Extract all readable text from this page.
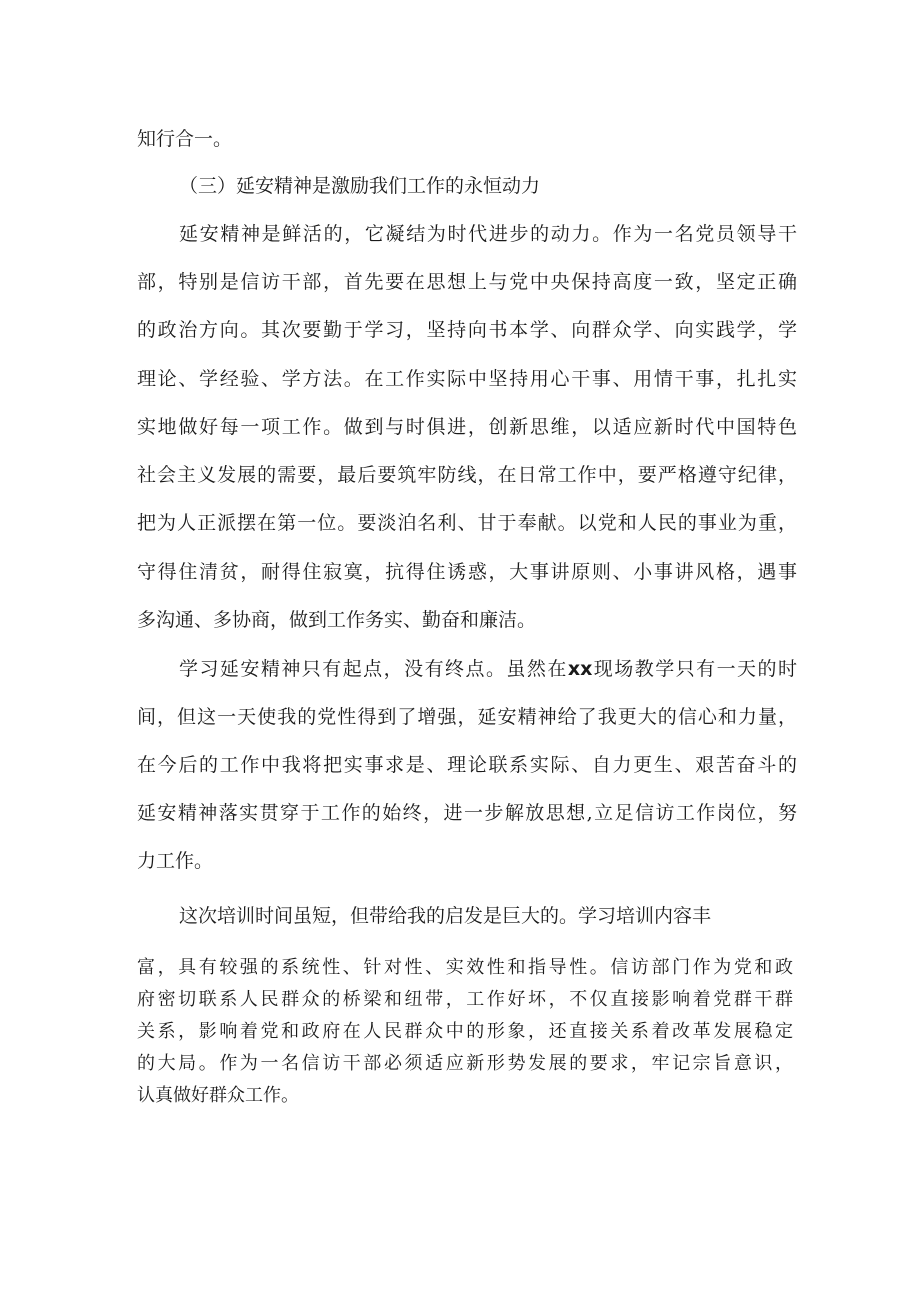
知行合一。
（三）延安精神是激励我们工作的永恒动力
延安精神是鲜活的，它凝结为时代进步的动力。作为一名党员领导干
部，特别是信访干部，首先要在思想上与党中央保持高度一致，坚定正确
的政治方向。其次要勤于学习，坚持向书本学、向群众学、向实践学，学
理论、学经验、学方法。在工作实际中坚持用心干事、用情干事，扎扎实
实地做好每一项工作。做到与时俱进，创新思维，以适应新时代中国特色
社会主义发展的需要，最后要筑牢防线，在日常工作中，要严格遵守纪律，
把为人正派摆在第一位。要淡泊名利、甘于奉献。以党和人民的事业为重，
守得住清贫，耐得住寂寞，抗得住诱惑，大事讲原则、小事讲风格，遇事
多沟通、多协商，做到工作务实、勤奋和廉洁。
学习延安精神只有起点，没有终点。虽然在xx现场教学只有一天的时
间，但这一天使我的党性得到了增强，延安精神给了我更大的信心和力量，
在今后的工作中我将把实事求是、理论联系实际、自力更生、艰苦奋斗的
延安精神落实贯穿于工作的始终，进一步解放思想,立足信访工作岗位，努
力工作。
这次培训时间虽短，但带给我的启发是巨大的。学习培训内容丰
富，具有较强的系统性、针对性、实效性和指导性。信访部门作为党和政
府密切联系人民群众的桥梁和纽带，工作好坏，不仅直接影响着党群干群
关系，影响着党和政府在人民群众中的形象，还直接关系着改革发展稳定
的大局。作为一名信访干部必须适应新形势发展的要求，牢记宗旨意识，
认真做好群众工作。
